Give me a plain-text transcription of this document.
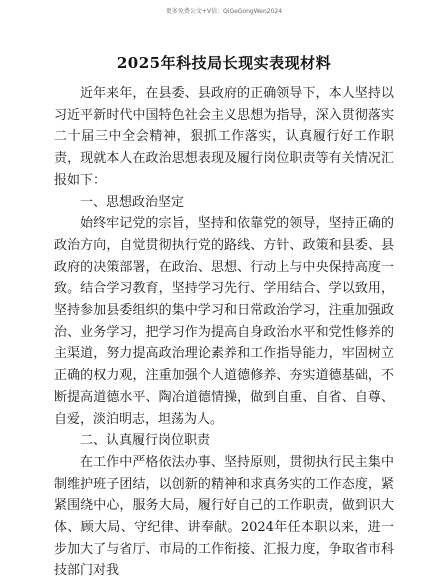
更多免费公文+V信：QiGeGongWen2024
2025年科技局长现实表现材料

近年来年，在县委、县政府的正确领导下，本人坚持以习近平新时代中国特色社会主义思想为指导，深入贯彻落实二十届三中全会精神，狠抓工作落实，认真履行好工作职责，现就本人在政治思想表现及履行岗位职责等有关情况汇报如下：

一、思想政治坚定

始终牢记党的宗旨，坚持和依靠党的领导，坚持正确的政治方向，自觉贯彻执行党的路线、方针、政策和县委、县政府的决策部署，在政治、思想、行动上与中央保持高度一致。结合学习教育，坚持学习先行、学用结合、学以致用，坚持参加县委组织的集中学习和日常政治学习，注重加强政治、业务学习，把学习作为提高自身政治水平和党性修养的主渠道，努力提高政治理论素养和工作指导能力，牢固树立正确的权力观，注重加强个人道德修养、夯实道德基础，不断提高道德水平、陶冶道德情操，做到自重、自省、自尊、自爱，淡泊明志，坦荡为人。

二、认真履行岗位职责

在工作中严格依法办事、坚持原则，贯彻执行民主集中制维护班子团结，以创新的精神和求真务实的工作态度，紧紧围绕中心，服务大局，履行好自己的工作职责，做到识大体、顾大局、守纪律、讲奉献。2024年任本职以来，进一步加大了与省厅、市局的工作衔接、汇报力度，争取省市科技部门对我
